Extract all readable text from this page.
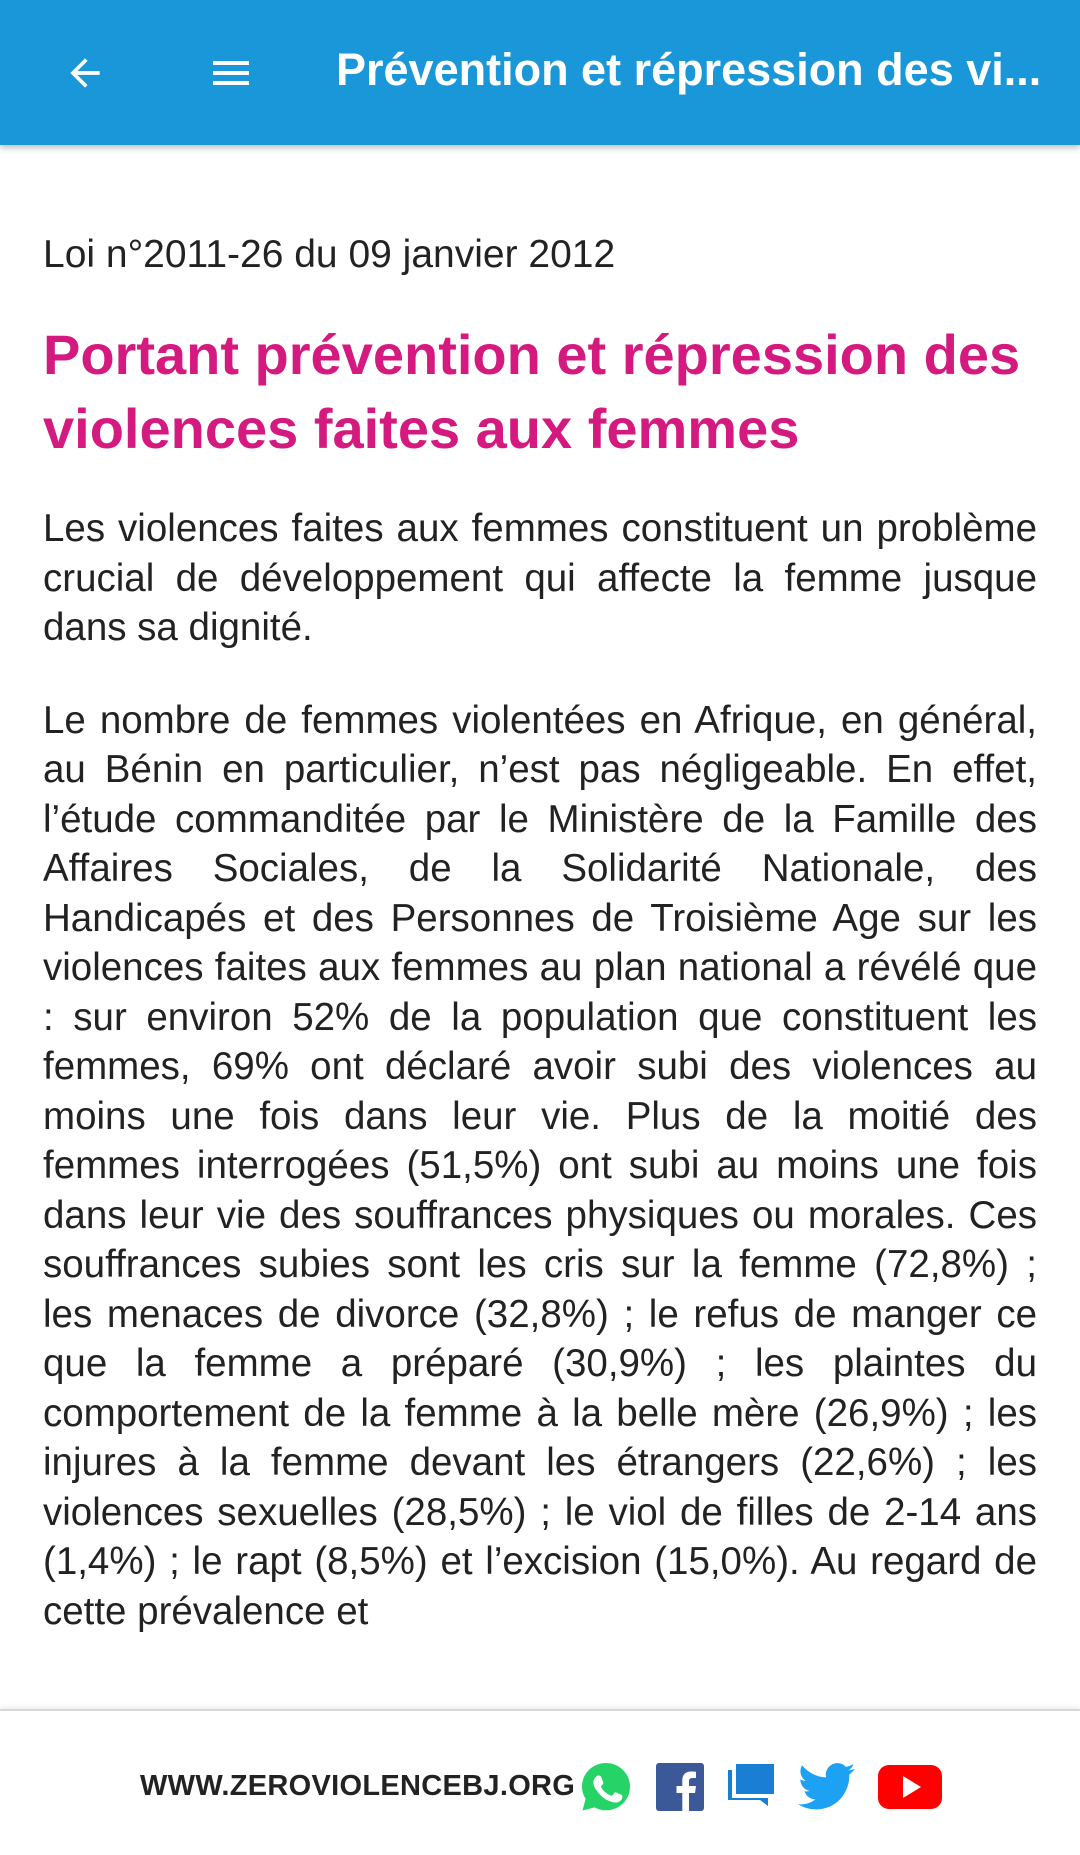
Prévention et répression des vi...

Loi n°2011-26 du 09 janvier 2012

Portant prévention et répression des violences faites aux femmes

Les violences faites aux femmes constituent un problème crucial de développement qui affecte la femme jusque dans sa dignité.

Le nombre de femmes violentées en Afrique, en général, au Bénin en particulier, n’est pas négligeable. En effet, l’étude commanditée par le Ministère de la Famille des Affaires Sociales, de la Solidarité Nationale, des Handicapés et des Personnes de Troisième Age sur les violences faites aux femmes au plan national a révélé que : sur environ 52% de la population que constituent les femmes, 69% ont déclaré avoir subi des violences au moins une fois dans leur vie. Plus de la moitié des femmes interrogées (51,5%) ont subi au moins une fois dans leur vie des souffrances physiques ou morales. Ces souffrances subies sont les cris sur la femme (72,8%) ; les menaces de divorce (32,8%) ; le refus de manger ce que la femme a préparé (30,9%) ; les plaintes du comportement de la femme à la belle mère (26,9%) ; les injures à la femme devant les étrangers (22,6%) ; les violences sexuelles (28,5%) ; le viol de filles de 2-14 ans (1,4%) ; le rapt (8,5%) et l’excision (15,0%). Au regard de cette prévalence et

WWW.ZEROVIOLENCEBJ.ORG
